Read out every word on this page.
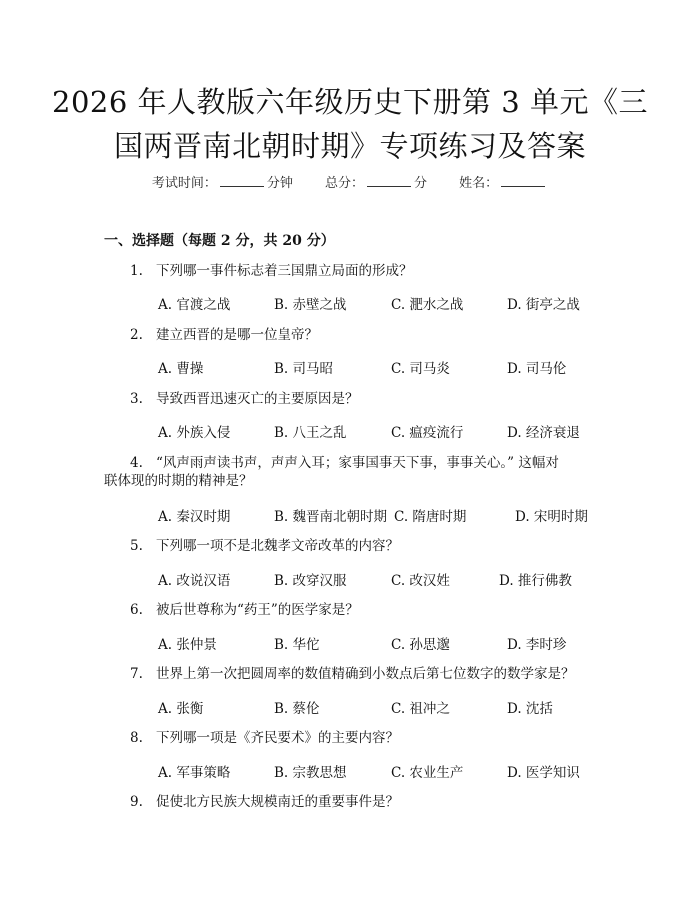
2026 年人教版六年级历史下册第 3 单元《三
国两晋南北朝时期》专项练习及答案
考试时间：	分钟 总分：	分 姓名：

一、选择题（每题 2 分，共 20 分）

1. 下列哪一事件标志着三国鼎立局面的形成？

A. 官渡之战	B. 赤壁之战	C. 淝水之战	D. 街亭之战

2. 建立西晋的是哪一位皇帝？

A. 曹操	B. 司马昭	C. 司马炎	D. 司马伦

3. 导致西晋迅速灭亡的主要原因是？

A. 外族入侵	B. 八王之乱	C. 瘟疫流行	D. 经济衰退

4. “风声雨声读书声，声声入耳；家事国事天下事，事事关心。” 这幅对

联体现的时期的精神是？

A. 秦汉时期	B. 魏晋南北朝时期 C. 隋唐时期	D. 宋明时期

5. 下列哪一项不是北魏孝文帝改革的内容？

A. 改说汉语	B. 改穿汉服	C. 改汉姓	D. 推行佛教

6. 被后世尊称为“药王”的医学家是？

A. 张仲景	B. 华佗	C. 孙思邈	D. 李时珍

7. 世界上第一次把圆周率的数值精确到小数点后第七位数字的数学家是？

A. 张衡	B. 蔡伦	C. 祖冲之	D. 沈括

8. 下列哪一项是《齐民要术》的主要内容？

A. 军事策略	B. 宗教思想	C. 农业生产	D. 医学知识

9. 促使北方民族大规模南迁的重要事件是？
